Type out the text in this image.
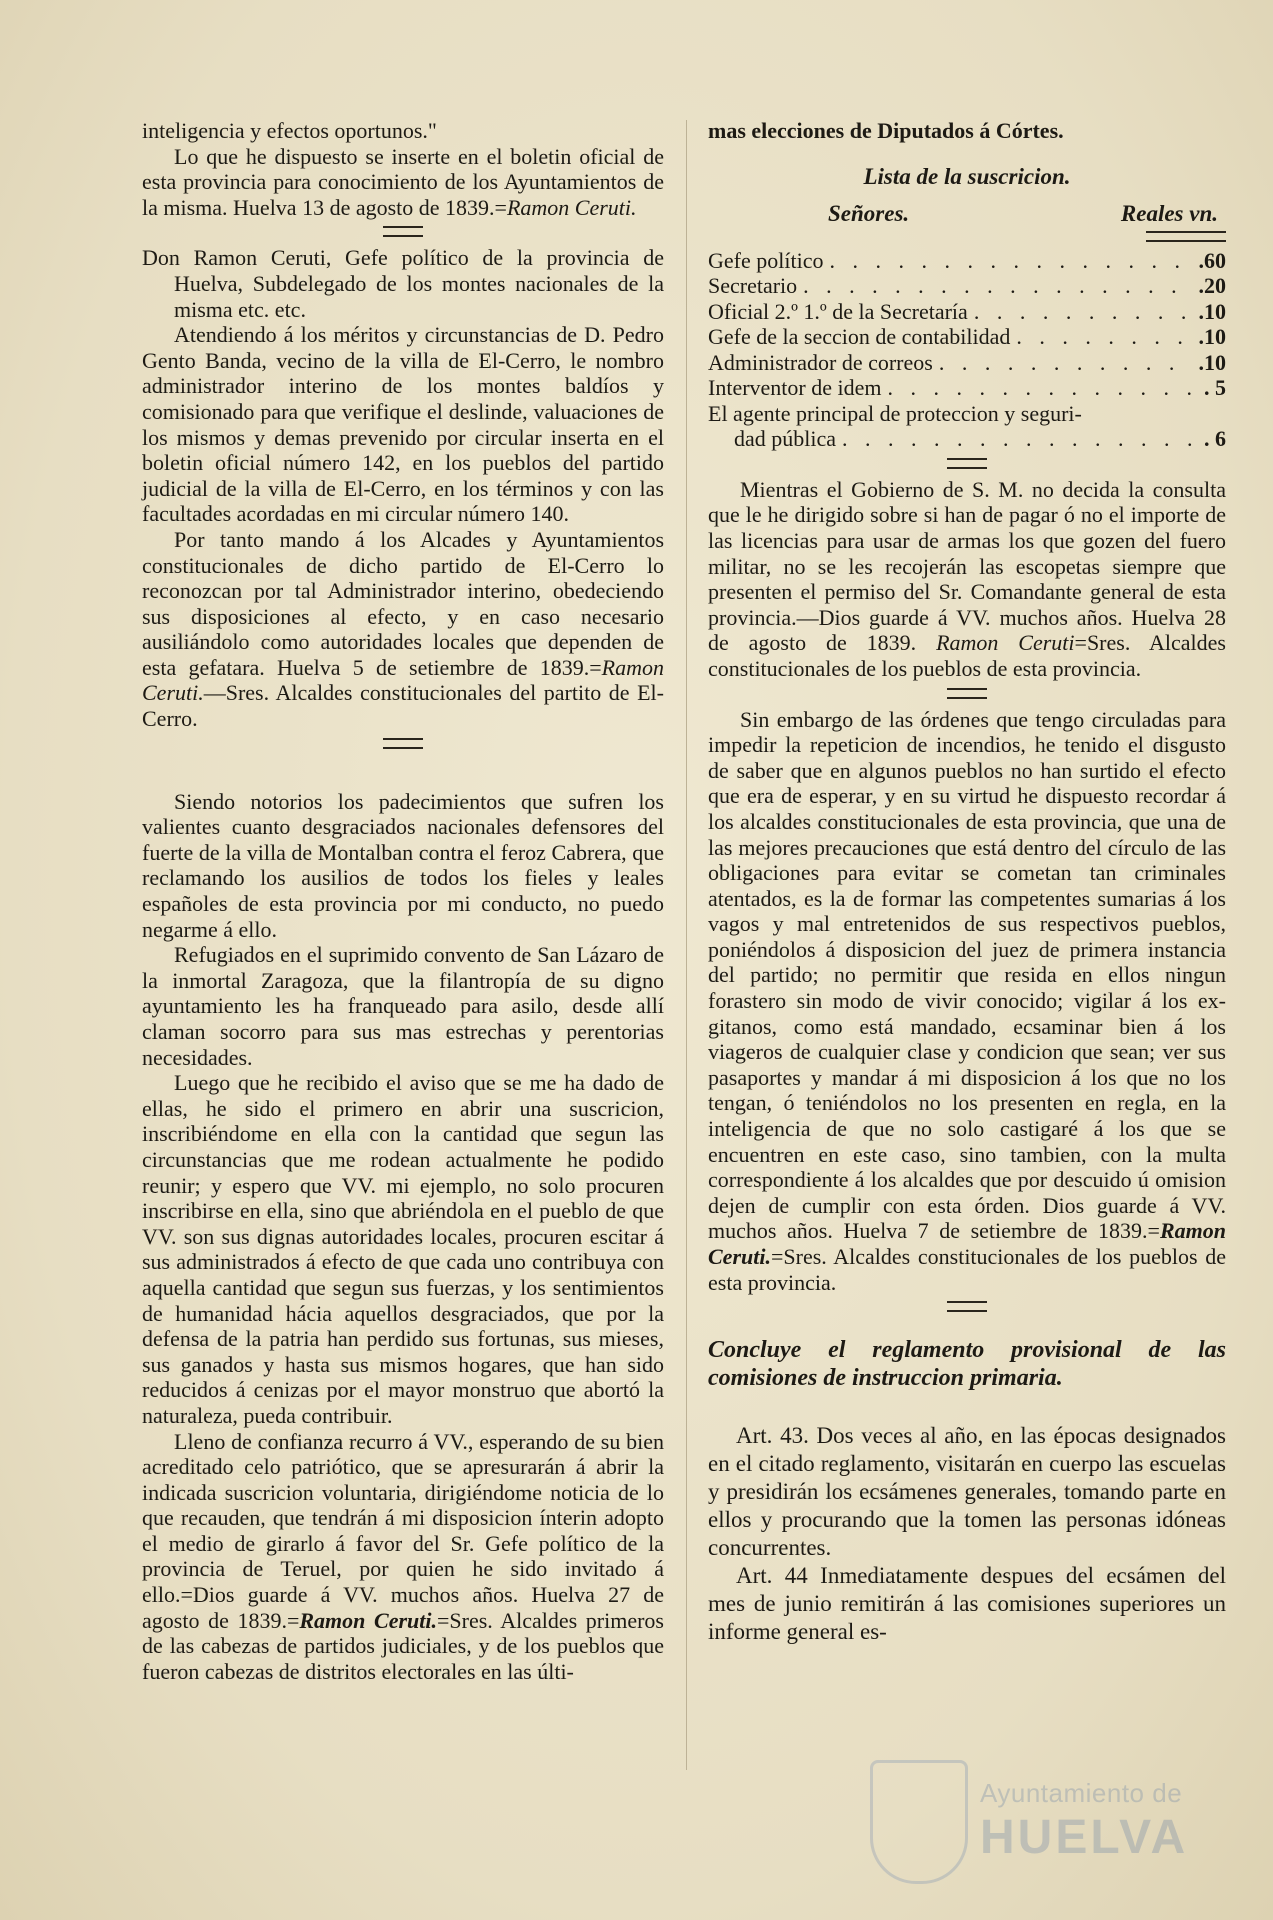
inteligencia y efectos oportunos."

Lo que he dispuesto se inserte en el boletin oficial de esta provincia para conocimiento de los Ayuntamientos de la misma. Huelva 13 de agosto de 1839.=Ramon Ceruti.

Don Ramon Ceruti, Gefe político de la provincia de Huelva, Subdelegado de los montes nacionales de la misma etc. etc.

Atendiendo á los méritos y circunstancias de D. Pedro Gento Banda, vecino de la villa de El-Cerro, le nombro administrador interino de los montes baldíos y comisionado para que verifique el deslinde, valuaciones de los mismos y demas prevenido por circular inserta en el boletin oficial número 142, en los pueblos del partido judicial de la villa de El-Cerro, en los términos y con las facultades acordadas en mi circular número 140.

Por tanto mando á los Alcades y Ayuntamientos constitucionales de dicho partido de El-Cerro lo reconozcan por tal Administrador interino, obedeciendo sus disposiciones al efecto, y en caso necesario ausiliándolo como autoridades locales que dependen de esta gefatara. Huelva 5 de setiembre de 1839.=Ramon Ceruti.—Sres. Alcaldes constitucionales del partito de El-Cerro.

Siendo notorios los padecimientos que sufren los valientes cuanto desgraciados nacionales defensores del fuerte de la villa de Montalban contra el feroz Cabrera, que reclamando los ausilios de todos los fieles y leales españoles de esta provincia por mi conducto, no puedo negarme á ello.

Refugiados en el suprimido convento de San Lázaro de la inmortal Zaragoza, que la filantropía de su digno ayuntamiento les ha franqueado para asilo, desde allí claman socorro para sus mas estrechas y perentorias necesidades.

Luego que he recibido el aviso que se me ha dado de ellas, he sido el primero en abrir una suscricion, inscribiéndome en ella con la cantidad que segun las circunstancias que me rodean actualmente he podido reunir; y espero que VV. mi ejemplo, no solo procuren inscribirse en ella, sino que abriéndola en el pueblo de que VV. son sus dignas autoridades locales, procuren escitar á sus administrados á efecto de que cada uno contribuya con aquella cantidad que segun sus fuerzas, y los sentimientos de humanidad hácia aquellos desgraciados, que por la defensa de la patria han perdido sus fortunas, sus mieses, sus ganados y hasta sus mismos hogares, que han sido reducidos á cenizas por el mayor monstruo que abortó la naturaleza, pueda contribuir.

Lleno de confianza recurro á VV., esperando de su bien acreditado celo patriótico, que se apresurarán á abrir la indicada suscricion voluntaria, dirigiéndome noticia de lo que recauden, que tendrán á mi disposicion ínterin adopto el medio de girarlo á favor del Sr. Gefe político de la provincia de Teruel, por quien he sido invitado á ello.=Dios guarde á VV. muchos años. Huelva 27 de agosto de 1839.=Ramon Ceruti.=Sres. Alcaldes primeros de las cabezas de partidos judiciales, y de los pueblos que fueron cabezas de distritos electorales en las últi-

mas elecciones de Diputados á Córtes.

Lista de la suscricion.
Señores.	Reales vn.
Gefe político . . .	.60
Secretario . . .	.20
Oficial 2.º 1.º de la Secretaría . . .	.10
Gefe de la seccion de contabilidad . . .	.10
Administrador de correos . . .	.10
Interventor de idem . . .	. 5
El agente principal de proteccion y seguri-
dad pública . . .	. 6

Mientras el Gobierno de S. M. no decida la consulta que le he dirigido sobre si han de pagar ó no el importe de las licencias para usar de armas los que gozen del fuero militar, no se les recojerán las escopetas siempre que presenten el permiso del Sr. Comandante general de esta provincia.—Dios guarde á VV. muchos años. Huelva 28 de agosto de 1839. Ramon Ceruti=Sres. Alcaldes constitucionales de los pueblos de esta provincia.

Sin embargo de las órdenes que tengo circuladas para impedir la repeticion de incendios, he tenido el disgusto de saber que en algunos pueblos no han surtido el efecto que era de esperar, y en su virtud he dispuesto recordar á los alcaldes constitucionales de esta provincia, que una de las mejores precauciones que está dentro del círculo de las obligaciones para evitar se cometan tan criminales atentados, es la de formar las competentes sumarias á los vagos y mal entretenidos de sus respectivos pueblos, poniéndolos á disposicion del juez de primera instancia del partido; no permitir que resida en ellos ningun forastero sin modo de vivir conocido; vigilar á los ex-gitanos, como está mandado, ecsaminar bien á los viageros de cualquier clase y condicion que sean; ver sus pasaportes y mandar á mi disposicion á los que no los tengan, ó teniéndolos no los presenten en regla, en la inteligencia de que no solo castigaré á los que se encuentren en este caso, sino tambien, con la multa correspondiente á los alcaldes que por descuido ú omision dejen de cumplir con esta órden. Dios guarde á VV. muchos años. Huelva 7 de setiembre de 1839.=Ramon Ceruti.=Sres. Alcaldes constitucionales de los pueblos de esta provincia.

Concluye el reglamento provisional de las comisiones de instruccion primaria.

Art. 43. Dos veces al año, en las épocas designados en el citado reglamento, visitarán en cuerpo las escuelas y presidirán los ecsámenes generales, tomando parte en ellos y procurando que la tomen las personas idóneas concurrentes.

Art. 44 Inmediatamente despues del ecsámen del mes de junio remitirán á las comisiones superiores un informe general es-

Ayuntamiento de
HUELVA
